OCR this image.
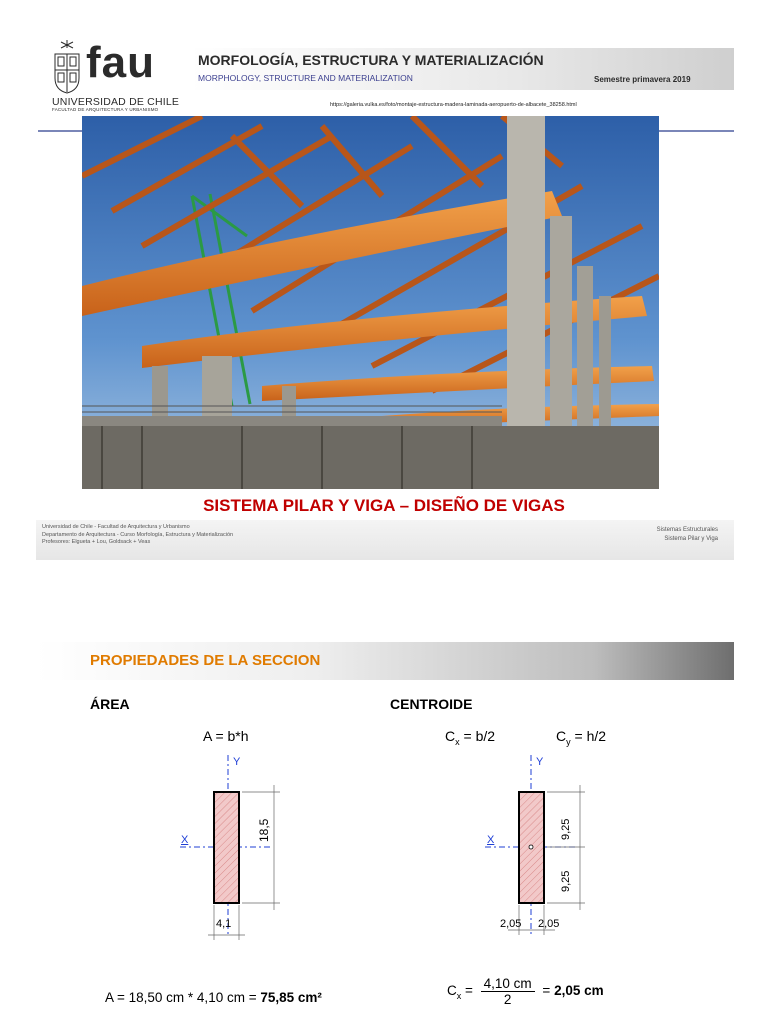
fau
UNIVERSIDAD DE CHILE
FACULTAD DE ARQUITECTURA Y URBANISMO
MORFOLOGÍA, ESTRUCTURA Y MATERIALIZACIÓN
MORPHOLOGY, STRUCTURE AND MATERIALIZATION	Semestre primavera 2019
https://galeria.vulka.es/foto/montaje-estructura-madera-laminada-aeropuerto-de-albacete_38258.html
SISTEMA PILAR Y VIGA – DISEÑO DE VIGAS
Universidad de Chile - Facultad de Arquitectura y Urbanismo
Departamento de Arquitectura - Curso Morfología, Estructura y Materialización
Profesores: Elgueta + Lou, Goldsack + Veas
Sistemas Estructurales
Sistema Pilar y Viga
PROPIEDADES DE LA SECCION
ÁREA	CENTROIDE
A = b*h	$C_x = b/2$	$C_y = h/2$
Y
X	18,5
4,1
Y
X	9,25
9,25
2,05 2,05
A = 18,50 cm * 4,10 cm = 75,85 cm²	$C_x = \frac{4,10 cm}{2} = 2,05$ cm
